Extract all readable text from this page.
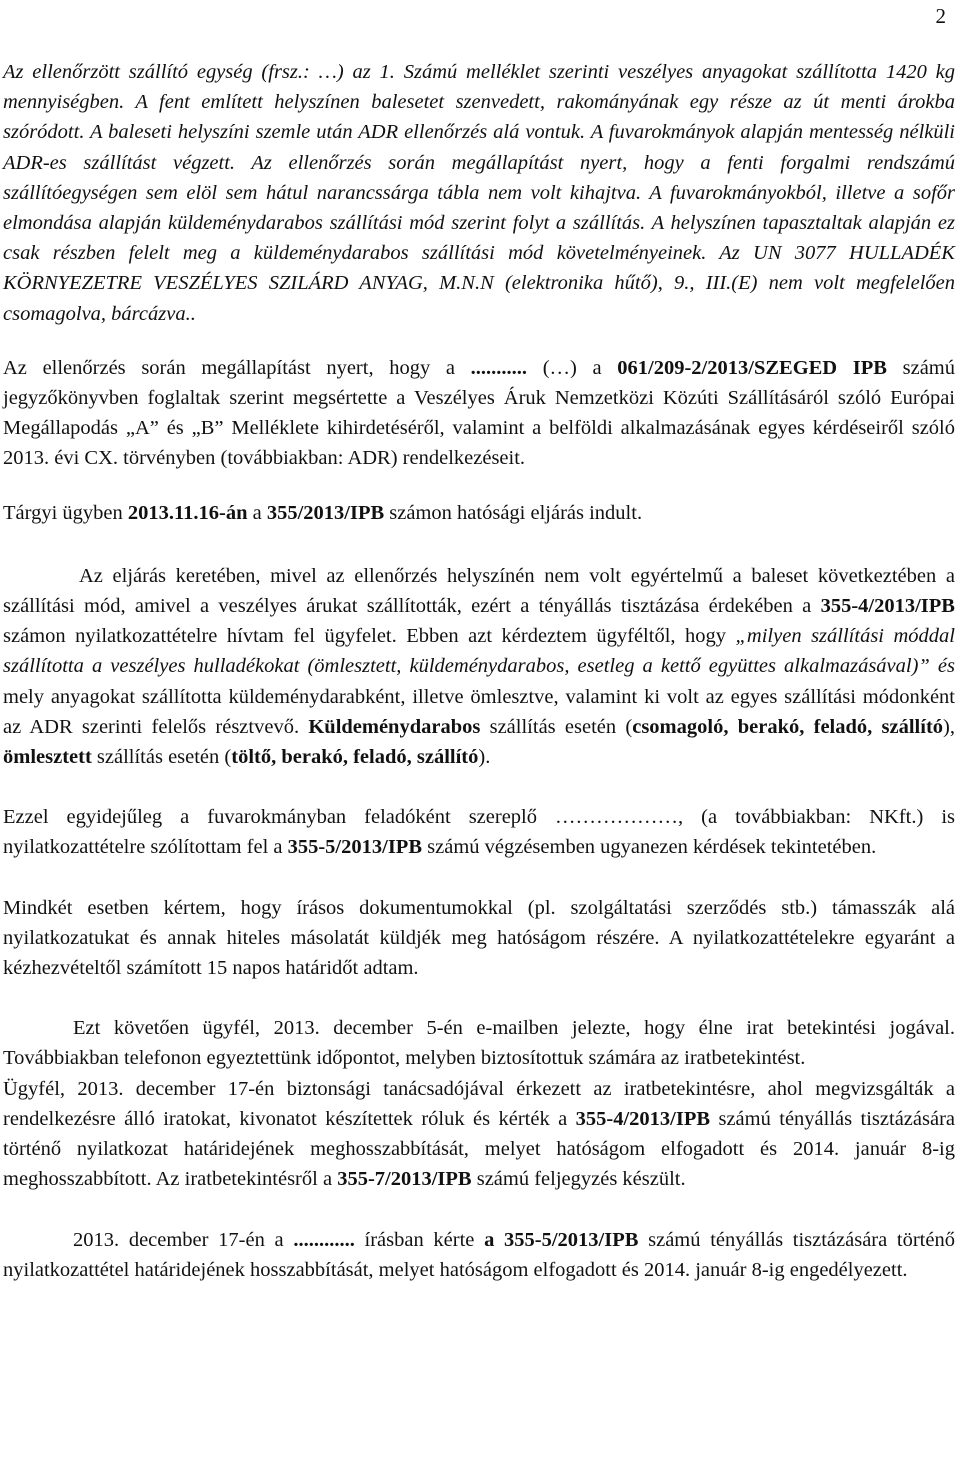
2

Az ellenőrzött szállító egység (frsz.: …) az 1. Számú melléklet szerinti veszélyes anyagokat szállította 1420 kg mennyiségben. A fent említett helyszínen balesetet szenvedett, rakományának egy része az út menti árokba szóródott. A baleseti helyszíni szemle után ADR ellenőrzés alá vontuk. A fuvarokmányok alapján mentesség nélküli ADR-es szállítást végzett. Az ellenőrzés során megállapítást nyert, hogy a fenti forgalmi rendszámú szállítóegységen sem elöl sem hátul narancssárga tábla nem volt kihajtva. A fuvarokmányokból, illetve a sofőr elmondása alapján küldeménydarabos szállítási mód szerint folyt a szállítás. A helyszínen tapasztaltak alapján ez csak részben felelt meg a küldeménydarabos szállítási mód követelményeinek. Az UN 3077 HULLADÉK KÖRNYEZETRE VESZÉLYES SZILÁRD ANYAG, M.N.N (elektronika hűtő), 9., III.(E) nem volt megfelelően csomagolva, bárcázva..

Az ellenőrzés során megállapítást nyert, hogy a ........... (…) a 061/209-2/2013/SZEGED IPB számú jegyzőkönyvben foglaltak szerint megsértette a Veszélyes Áruk Nemzetközi Közúti Szállításáról szóló Európai Megállapodás „A” és „B” Melléklete kihirdetéséről, valamint a belföldi alkalmazásának egyes kérdéseiről szóló 2013. évi CX. törvényben (továbbiakban: ADR) rendelkezéseit.

Tárgyi ügyben 2013.11.16-án a 355/2013/IPB számon hatósági eljárás indult.

Az eljárás keretében, mivel az ellenőrzés helyszínén nem volt egyértelmű a baleset következtében a szállítási mód, amivel a veszélyes árukat szállították, ezért a tényállás tisztázása érdekében a 355-4/2013/IPB számon nyilatkozattételre hívtam fel ügyfelet. Ebben azt kérdeztem ügyféltől, hogy „milyen szállítási móddal szállította a veszélyes hulladékokat (ömlesztett, küldeménydarabos, esetleg a kettő együttes alkalmazásával)” és mely anyagokat szállította küldeménydarabként, illetve ömlesztve, valamint ki volt az egyes szállítási módonként az ADR szerinti felelős résztvevő. Küldeménydarabos szállítás esetén (csomagoló, berakó, feladó, szállító), ömlesztett szállítás esetén (töltő, berakó, feladó, szállító).

Ezzel egyidejűleg a fuvarokmányban feladóként szereplő ………………, (a továbbiakban: NKft.) is nyilatkozattételre szólítottam fel a 355-5/2013/IPB számú végzésemben ugyanezen kérdések tekintetében.

Mindkét esetben kértem, hogy írásos dokumentumokkal (pl. szolgáltatási szerződés stb.) támasszák alá nyilatkozatukat és annak hiteles másolatát küldjék meg hatóságom részére. A nyilatkozattételekre egyaránt a kézhezvételtől számított 15 napos határidőt adtam.

Ezt követően ügyfél, 2013. december 5-én e-mailben jelezte, hogy élne irat betekintési jogával. Továbbiakban telefonon egyeztettünk időpontot, melyben biztosítottuk számára az iratbetekintést.

Ügyfél, 2013. december 17-én biztonsági tanácsadójával érkezett az iratbetekintésre, ahol megvizsgálták a rendelkezésre álló iratokat, kivonatot készítettek róluk és kérték a 355-4/2013/IPB számú tényállás tisztázására történő nyilatkozat határidejének meghosszabbítását, melyet hatóságom elfogadott és 2014. január 8-ig meghosszabbított. Az iratbetekintésről a 355-7/2013/IPB számú feljegyzés készült.

2013. december 17-én a ............ írásban kérte a 355-5/2013/IPB számú tényállás tisztázására történő nyilatkozattétel határidejének hosszabbítását, melyet hatóságom elfogadott és 2014. január 8-ig engedélyezett.
